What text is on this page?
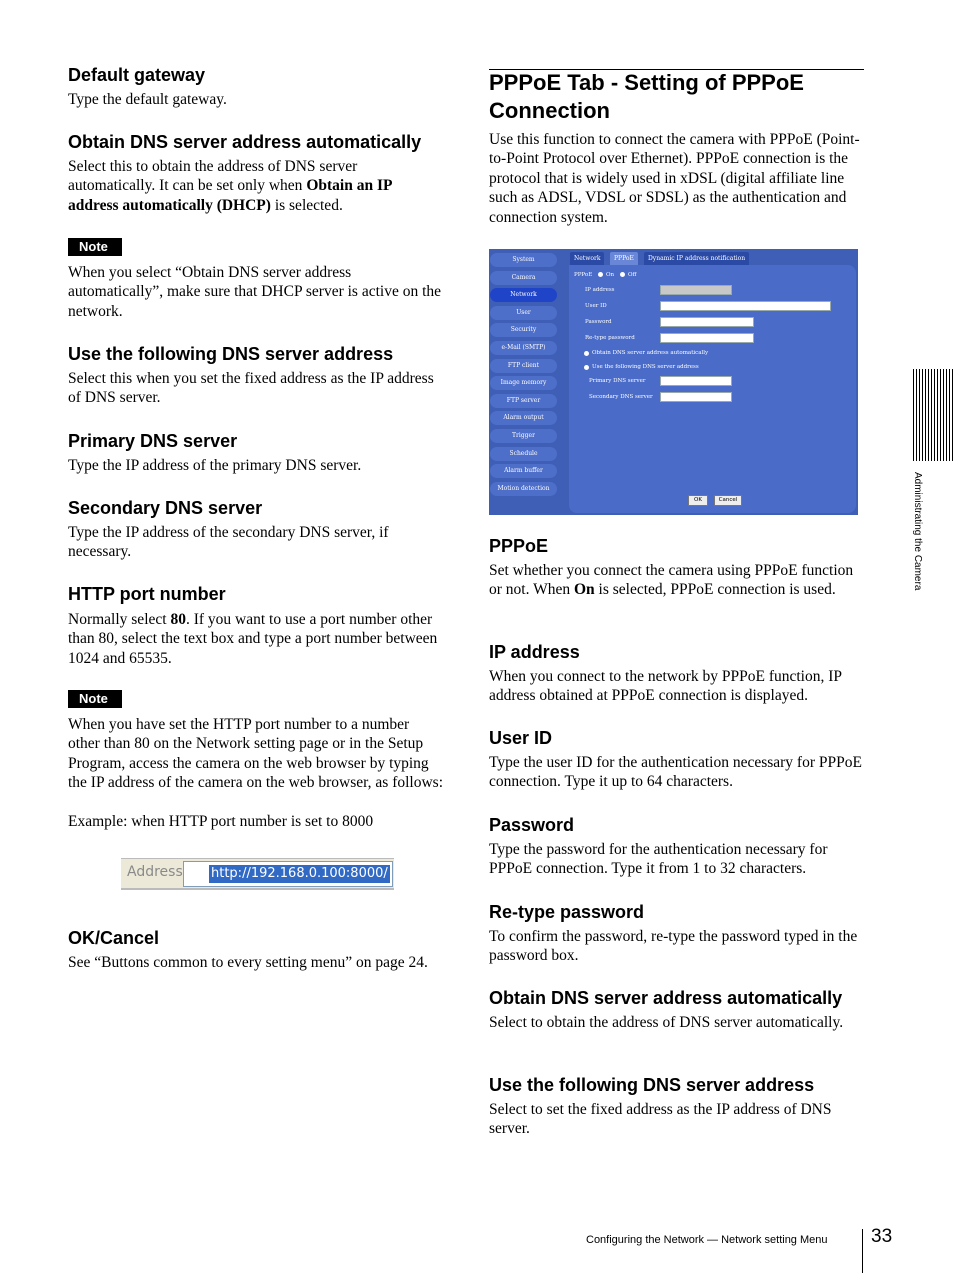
Default gateway

Type the default gateway.

Obtain DNS server address automatically

Select this to obtain the address of DNS server automatically. It can be set only when Obtain an IP address automatically (DHCP) is selected.

Note

When you select “Obtain DNS server address automatically”, make sure that DHCP server is active on the network.

Use the following DNS server address

Select this when you set the fixed address as the IP address of DNS server.

Primary DNS server

Type the IP address of the primary DNS server.

Secondary DNS server

Type the IP address of the secondary DNS server, if necessary.

HTTP port number

Normally select 80. If you want to use a port number other than 80, select the text box and type a port number between 1024 and 65535.

Note

When you have set the HTTP port number to a number other than 80 on the Network setting page or in the Setup Program, access the camera on the web browser by typing the IP address of the camera on the web browser, as follows:

Example: when HTTP port number is set to 8000

Address http://192.168.0.100:8000/
OK/Cancel

See “Buttons common to every setting menu” on page 24.

PPPoE Tab - Setting of PPPoE Connection

Use this function to connect the camera with PPPoE (Point-to-Point Protocol over Ethernet). PPPoE connection is the protocol that is widely used in xDSL (digital affiliate line such as ADSL, VDSL or SDSL) as the authentication and connection system.

System
Camera
Network
User
Security
e-Mail (SMTP)
FTP client
Image memory
FTP server
Alarm output
Trigger
Schedule
Alarm buffer
Motion detection
Network	PPPoE	Dynamic IP address notification
PPPoE	On	Off
IP address
User ID
Password
Re-type password
Obtain DNS server address automatically
Use the following DNS server address
Primary DNS server
Secondary DNS server
OK	Cancel
PPPoE

Set whether you connect the camera using PPPoE function or not. When On is selected, PPPoE connection is used.

IP address

When you connect to the network by PPPoE function, IP address obtained at PPPoE connection is displayed.

User ID

Type the user ID for the authentication necessary for PPPoE connection. Type it up to 64 characters.

Password

Type the password for the authentication necessary for PPPoE connection. Type it from 1 to 32 characters.

Re-type password

To confirm the password, re-type the password typed in the password box.

Obtain DNS server address automatically

Select to obtain the address of DNS server automatically.

Use the following DNS server address

Select to set the fixed address as the IP address of DNS server.

Administrating the Camera
Configuring the Network — Network setting Menu 33
